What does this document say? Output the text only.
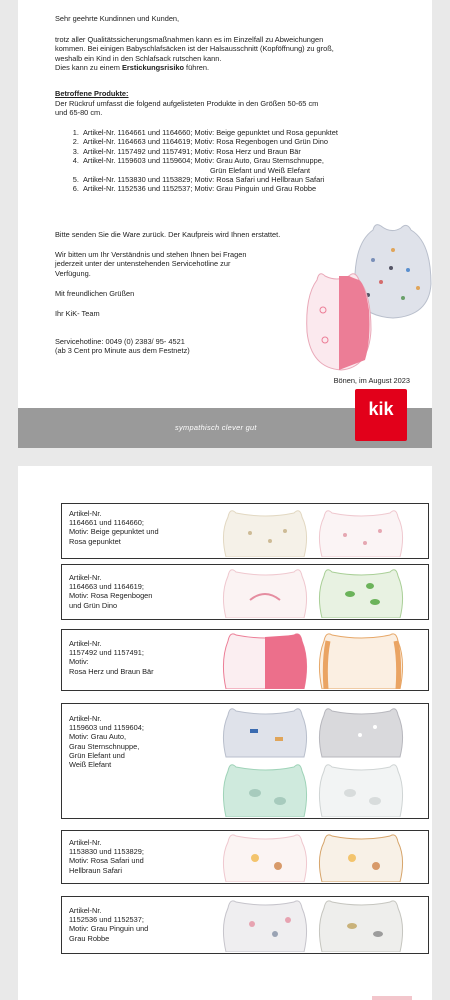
Sehr geehrte Kundinnen und Kunden,

trotz aller Qualitätssicherungsmaßnahmen kann es im Einzelfall zu Abweichungen

kommen. Bei einigen Babyschlafsäcken ist der Halsausschnitt (Kopföffnung) zu groß,

weshalb ein Kind in den Schlafsack rutschen kann.

Dies kann zu einem Erstickungsrisiko führen.

Betroffene Produkte:

Der Rückruf umfasst die folgend aufgelisteten Produkte in den Größen 50-65 cm

und 65-80 cm.

1. Artikel-Nr. 1164661 und 1164660; Motiv: Beige gepunktet und Rosa gepunktet
2. Artikel-Nr. 1164663 und 1164619; Motiv: Rosa Regenbogen und Grün Dino
3. Artikel-Nr. 1157492 und 1157491; Motiv: Rosa Herz und Braun Bär
4. Artikel-Nr. 1159603 und 1159604; Motiv: Grau Auto, Grau Sternschnuppe,
Grün Elefant und Weiß Elefant
5. Artikel-Nr. 1153830 und 1153829; Motiv: Rosa Safari und Hellbraun Safari
6. Artikel-Nr. 1152536 und 1152537; Motiv: Grau Pinguin und Grau Robbe

Bitte senden Sie die Ware zurück. Der Kaufpreis wird Ihnen erstattet.

Wir bitten um Ihr Verständnis und stehen Ihnen bei Fragen

jederzeit unter der untenstehenden Servicehotline zur

Verfügung.

Mit freundlichen Grüßen

Ihr KiK- Team

Servicehotline: 0049 (0) 2383/ 95- 4521

(ab 3 Cent pro Minute aus dem Festnetz)

Bönen, im August 2023

sympathisch clever gut
kik

Artikel-Nr.

1164661 und 1164660;

Motiv: Beige gepunktet und

Rosa gepunktet

Artikel-Nr.

1164663 und 1164619;

Motiv: Rosa Regenbogen

und Grün Dino

Artikel-Nr.

1157492 und 1157491;

Motiv:

Rosa Herz und Braun Bär

Artikel-Nr.

1159603 und 1159604;

Motiv: Grau Auto,

Grau Sternschnuppe,

Grün Elefant und

Weiß Elefant

Artikel-Nr.

1153830 und 1153829;

Motiv: Rosa Safari und

Hellbraun Safari

Artikel-Nr.

1152536 und 1152537;

Motiv: Grau Pinguin und

Grau Robbe
